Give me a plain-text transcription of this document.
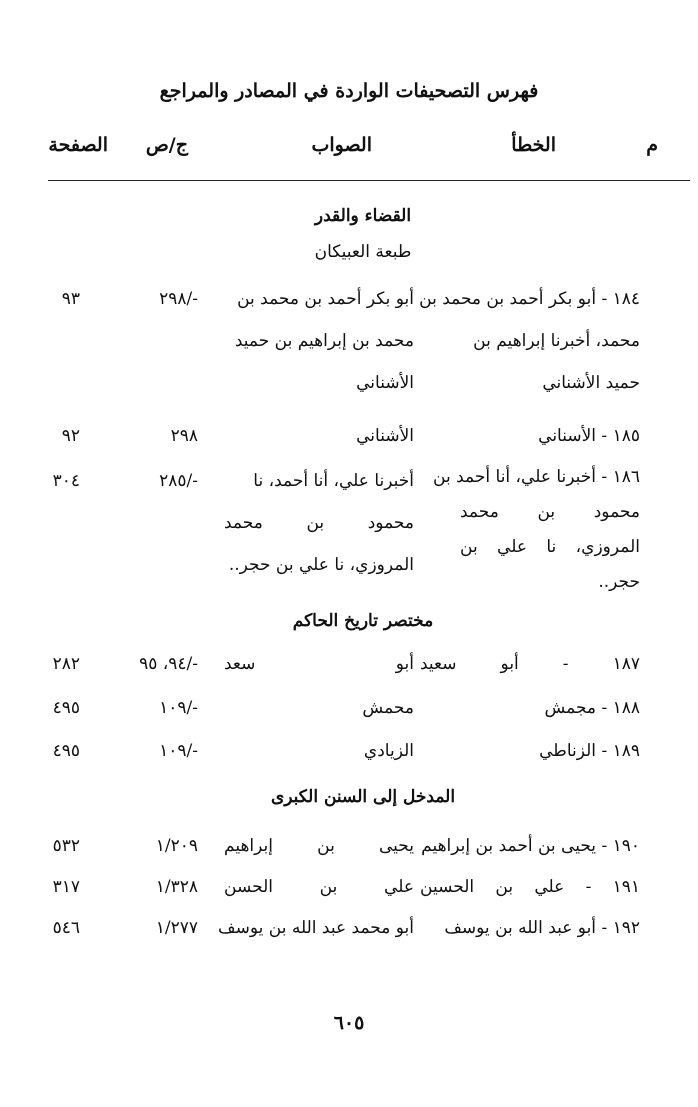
فهرس التصحيفات الواردة في المصادر والمراجع
م
الخطأ
الصواب
ج/ص
الصفحة
القضاء والقدر
طبعة العبيكان
١٨٤ - أبو بكر أحمد بن محمد بن
محمد، أخبرنا إبراهيم بن
حميد الأشناني
أبو بكر أحمد بن محمد بن
محمد بن إبراهيم بن حميد
الأشناني
-/٢٩٨
٩٣
١٨٥ - الأسناني
الأشناني
٢٩٨
٩٢
١٨٦ - أخبرنا علي، أنا أحمد بن
محمود بن محمد
المروزي، نا علي بن
حجر..
أخبرنا علي، أنا أحمد، نا
محمود بن محمد
المروزي، نا علي بن حجر..
-/٢٨٥
٣٠٤
مختصر تاريخ الحاكم
١٨٧ - أبو سعيد
أبو سعد
-/٩٤، ٩٥
٢٨٢
١٨٨ - مجمش
محمش
-/١٠٩
٤٩٥
١٨٩ - الزناطي
الزيادي
-/١٠٩
٤٩٥
المدخل إلى السنن الكبرى
١٩٠ - يحيى بن أحمد بن إبراهيم
يحيى بن إبراهيم
١/٢٠٩
٥٣٢
١٩١ - علي بن الحسين
علي بن الحسن
١/٣٢٨
٣١٧
١٩٢ - أبو عبد الله بن يوسف
أبو محمد عبد الله بن يوسف
١/٢٧٧
٥٤٦
٦٠٥
